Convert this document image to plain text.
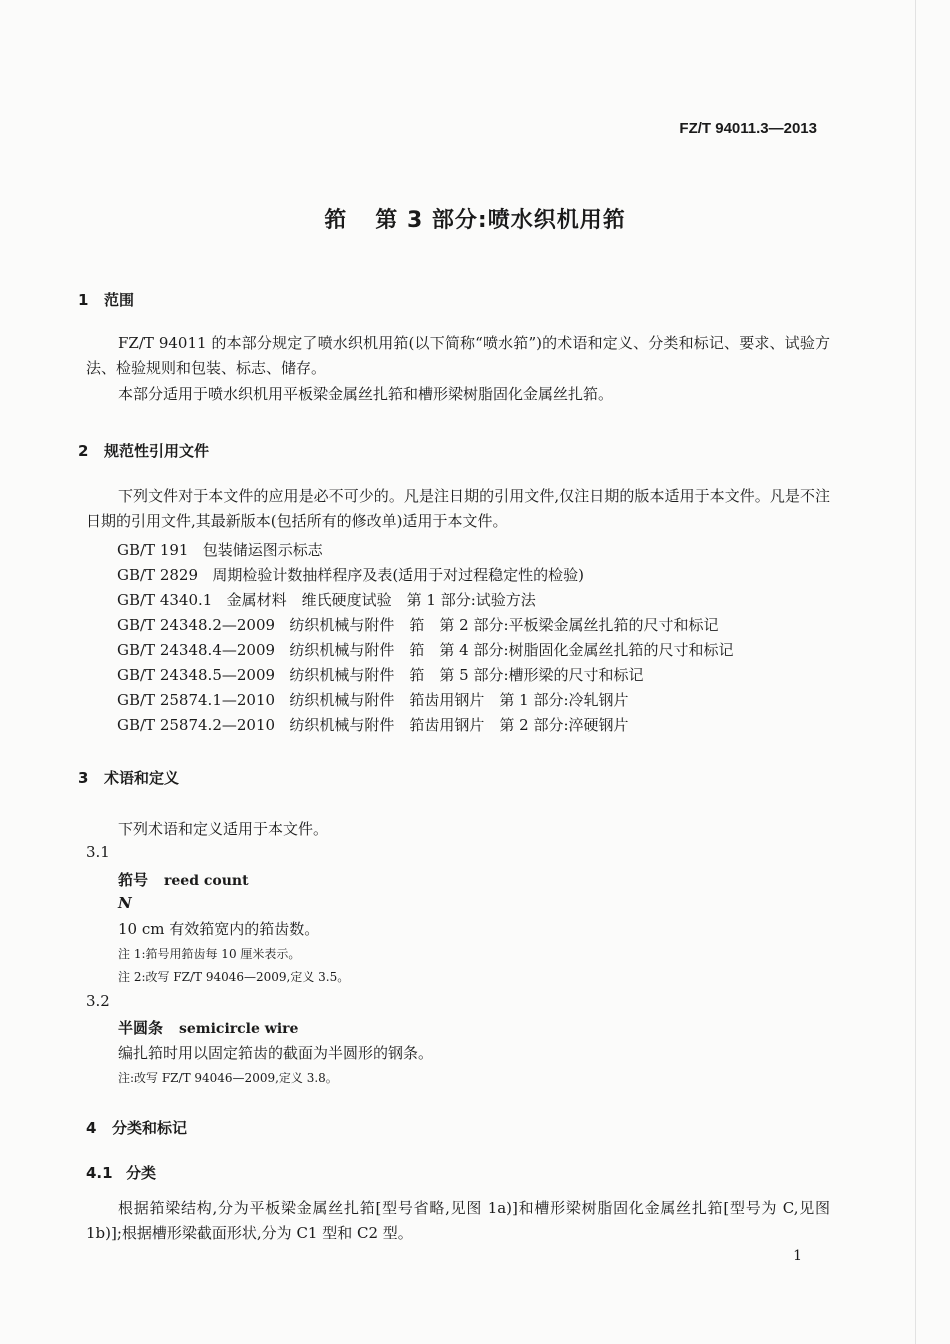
FZ/T 94011.3—2013
筘 第 3 部分:喷水织机用筘
1 范围
FZ/T 94011 的本部分规定了喷水织机用筘(以下简称“喷水筘”)的术语和定义、分类和标记、要求、试验方法、检验规则和包装、标志、储存。
本部分适用于喷水织机用平板梁金属丝扎筘和槽形梁树脂固化金属丝扎筘。
2 规范性引用文件
下列文件对于本文件的应用是必不可少的。凡是注日期的引用文件,仅注日期的版本适用于本文件。凡是不注日期的引用文件,其最新版本(包括所有的修改单)适用于本文件。
GB/T 191 包装储运图示标志
GB/T 2829 周期检验计数抽样程序及表(适用于对过程稳定性的检验)
GB/T 4340.1 金属材料　维氏硬度试验　第 1 部分:试验方法
GB/T 24348.2—2009 纺织机械与附件　筘　第 2 部分:平板梁金属丝扎筘的尺寸和标记
GB/T 24348.4—2009 纺织机械与附件　筘　第 4 部分:树脂固化金属丝扎筘的尺寸和标记
GB/T 24348.5—2009 纺织机械与附件　筘　第 5 部分:槽形梁的尺寸和标记
GB/T 25874.1—2010 纺织机械与附件　筘齿用钢片　第 1 部分:冷轧钢片
GB/T 25874.2—2010 纺织机械与附件　筘齿用钢片　第 2 部分:淬硬钢片
3 术语和定义
下列术语和定义适用于本文件。
3.1
筘号 reed count
N
10 cm 有效筘宽内的筘齿数。
注 1:筘号用筘齿每 10 厘米表示。
注 2:改写 FZ/T 94046—2009,定义 3.5。
3.2
半圆条 semicircle wire
编扎筘时用以固定筘齿的截面为半圆形的钢条。
注:改写 FZ/T 94046—2009,定义 3.8。
4 分类和标记
4.1 分类
根据筘梁结构,分为平板梁金属丝扎筘[型号省略,见图 1a)]和槽形梁树脂固化金属丝扎筘[型号为 C,见图 1b)];根据槽形梁截面形状,分为 C1 型和 C2 型。
1
